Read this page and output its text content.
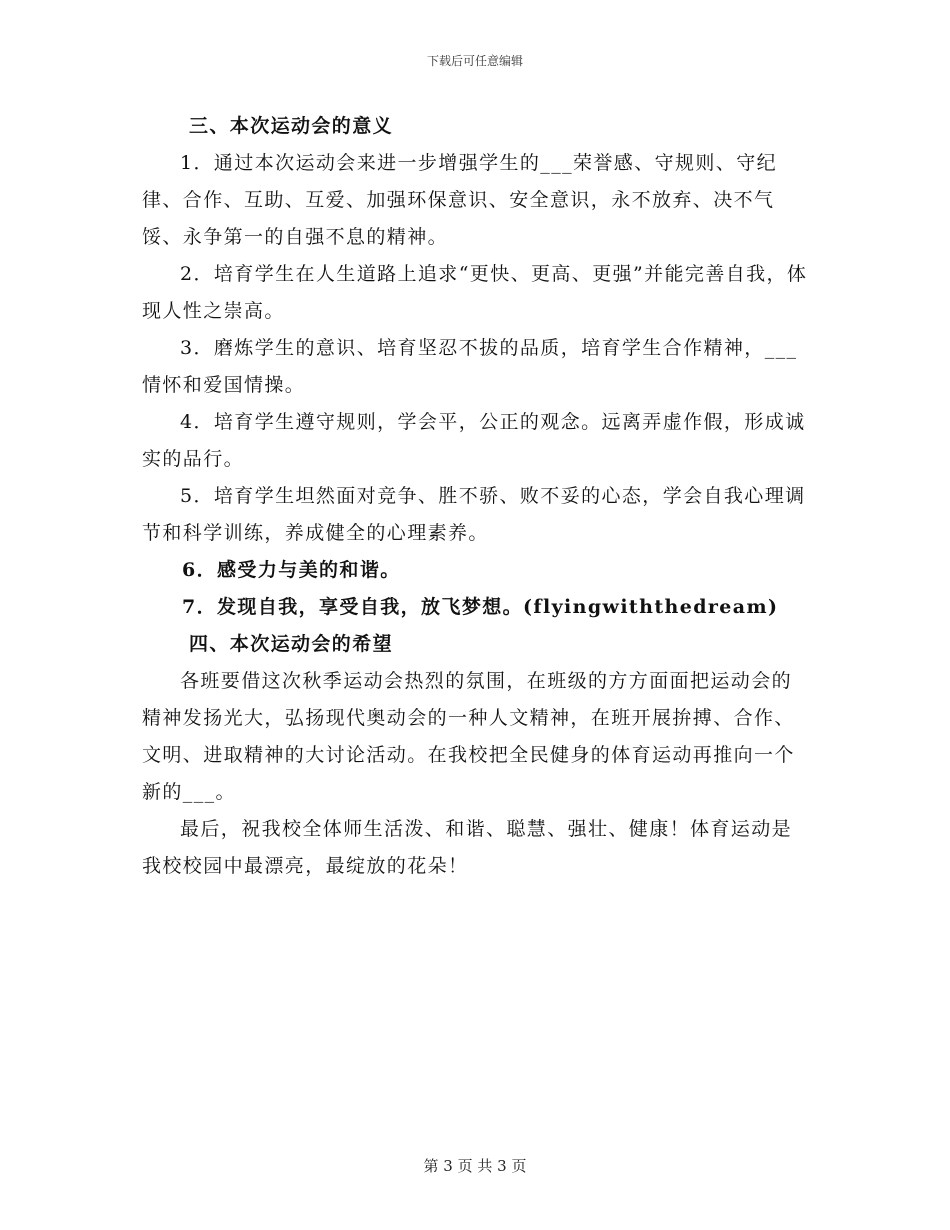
下载后可任意编辑

三、本次运动会的意义

1．通过本次运动会来进一步增强学生的___荣誉感、守规则、守纪律、合作、互助、互爱、加强环保意识、安全意识，永不放弃、决不气馁、永争第一的自强不息的精神。

2．培育学生在人生道路上追求“更快、更高、更强”并能完善自我，体现人性之崇高。

3．磨炼学生的意识、培育坚忍不拔的品质，培育学生合作精神，___情怀和爱国情操。

4．培育学生遵守规则，学会平，公正的观念。远离弄虚作假，形成诚实的品行。

5．培育学生坦然面对竞争、胜不骄、败不妥的心态，学会自我心理调节和科学训练，养成健全的心理素养。

6．感受力与美的和谐。

7．发现自我，享受自我，放飞梦想。(flyingwiththedream)

四、本次运动会的希望

各班要借这次秋季运动会热烈的氛围，在班级的方方面面把运动会的精神发扬光大，弘扬现代奥动会的一种人文精神，在班开展拚搏、合作、文明、进取精神的大讨论活动。在我校把全民健身的体育运动再推向一个新的___。

最后，祝我校全体师生活泼、和谐、聪慧、强壮、健康！体育运动是我校校园中最漂亮，最绽放的花朵！

第 3 页 共 3 页
